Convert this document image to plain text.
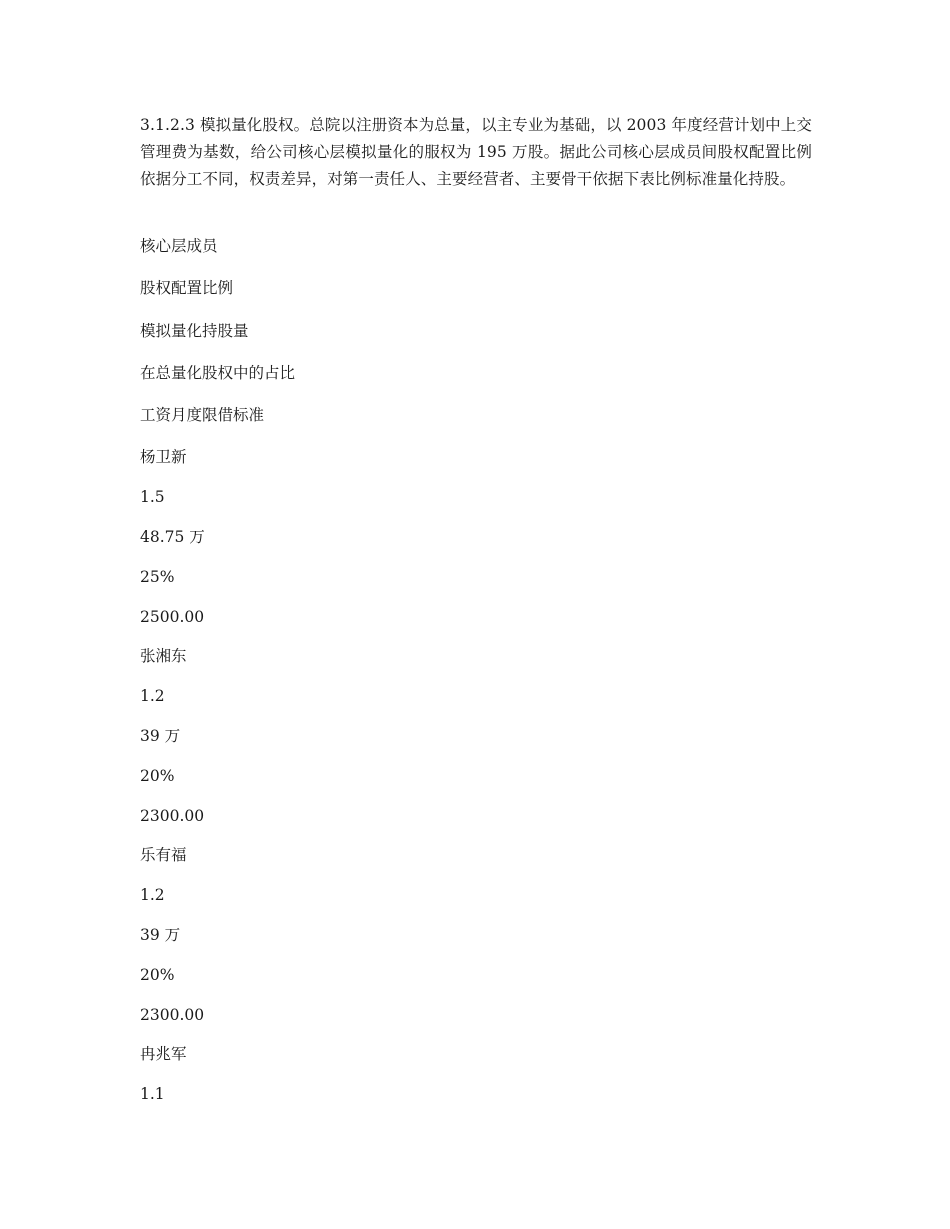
3.1.2.3 模拟量化股权。总院以注册资本为总量，以主专业为基础，以 2003 年度经营计划中上交管理费为基数，给公司核心层模拟量化的服权为 195 万股。据此公司核心层成员间股权配置比例依据分工不同，权责差异，对第一责任人、主要经营者、主要骨干依据下表比例标准量化持股。

核心层成员
股权配置比例
模拟量化持股量
在总量化股权中的占比
工资月度限借标准
杨卫新
1.5
48.75 万
25%
2500.00
张湘东
1.2
39 万
20%
2300.00
乐有福
1.2
39 万
20%
2300.00
冉兆军
1.1
